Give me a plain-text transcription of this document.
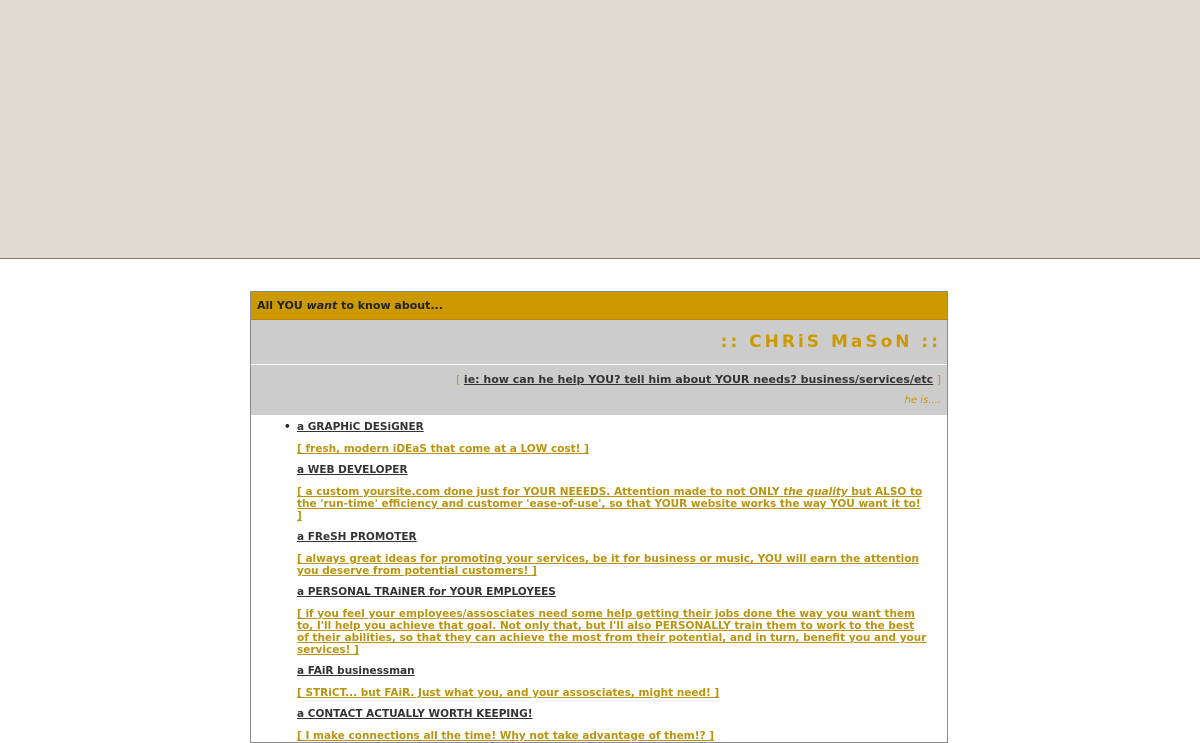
All YOU want to know about...
:: CHRiS MaSoN ::
[ ie: how can he help YOU? tell him about YOUR needs? business/services/etc ]
he is....
• a GRAPHiC DESiGNER
[ fresh, modern iDEaS that come at a LOW cost! ]
a WEB DEVELOPER
[ a custom yoursite.com done just for YOUR NEEEDS. Attention made to not ONLY the quality but ALSO to the 'run-time' efficiency and customer 'ease-of-use', so that YOUR website works the way YOU want it to! ]
a FReSH PROMOTER
[ always great ideas for promoting your services, be it for business or music, YOU will earn the attention you deserve from potential customers! ]
a PERSONAL TRAiNER for YOUR EMPLOYEES
[ if you feel your employees/assosciates need some help getting their jobs done the way you want them to, I'll help you achieve that goal. Not only that, but I'll also PERSONALLY train them to work to the best of their abilities, so that they can achieve the most from their potential, and in turn, benefit you and your services! ]
a FAiR businessman
[ STRiCT... but FAiR. Just what you, and your assosciates, might need! ]
a CONTACT ACTUALLY WORTH KEEPING!
[ I make connections all the time! Why not take advantage of them!? ]
